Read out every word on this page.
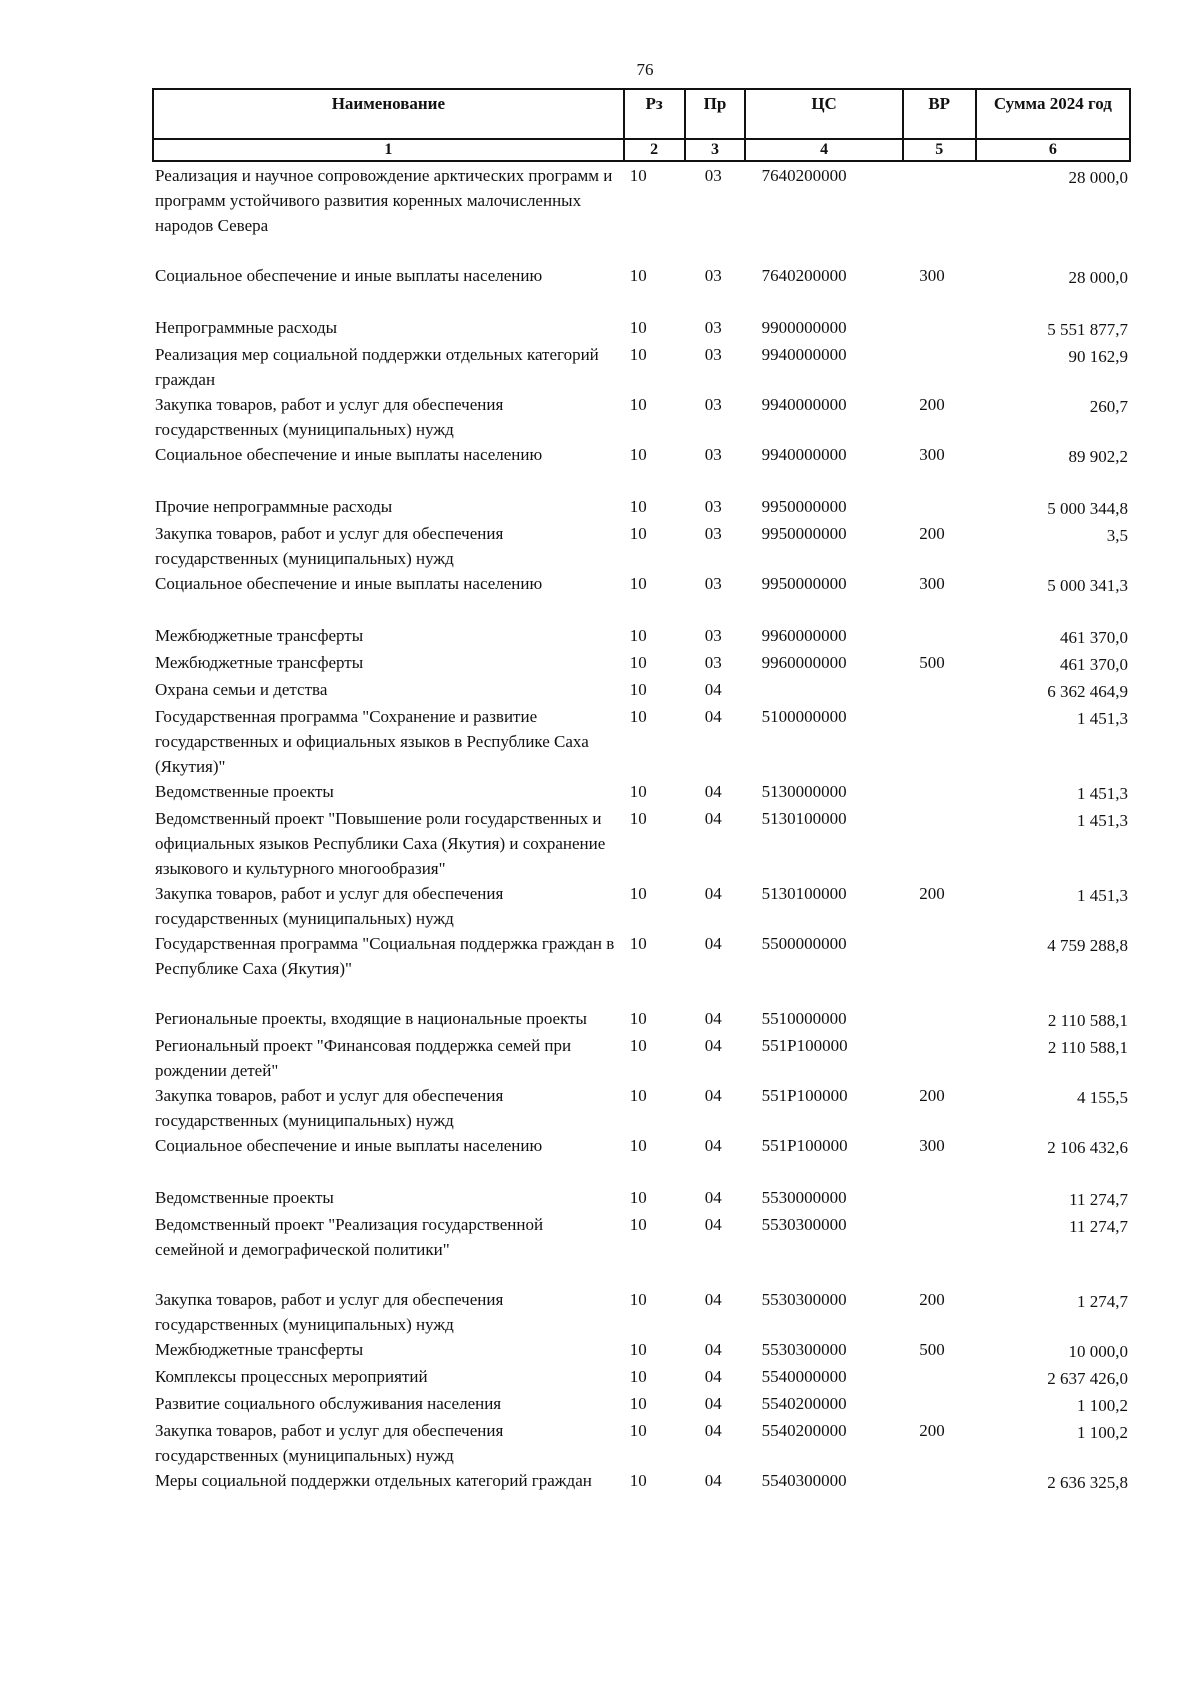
76
Наименование	Рз	Пр	ЦС	ВР	Сумма 2024 год
1	2	3	4	5	6
Реализация и научное сопровождение арктических программ и программ устойчивого развития коренных малочисленных народов Севера	10	03	7640200000		28 000,0
Социальное обеспечение и иные выплаты населению	10	03	7640200000	300	28 000,0
Непрограммные расходы	10	03	9900000000		5 551 877,7
Реализация мер социальной поддержки отдельных категорий граждан	10	03	9940000000		90 162,9
Закупка товаров, работ и услуг для обеспечения государственных (муниципальных) нужд	10	03	9940000000	200	260,7
Социальное обеспечение и иные выплаты населению	10	03	9940000000	300	89 902,2
Прочие непрограммные расходы	10	03	9950000000		5 000 344,8
Закупка товаров, работ и услуг для обеспечения государственных (муниципальных) нужд	10	03	9950000000	200	3,5
Социальное обеспечение и иные выплаты населению	10	03	9950000000	300	5 000 341,3
Межбюджетные трансферты	10	03	9960000000		461 370,0
Межбюджетные трансферты	10	03	9960000000	500	461 370,0
Охрана семьи и детства	10	04			6 362 464,9
Государственная программа "Сохранение и развитие государственных и официальных языков в Республике Саха (Якутия)"	10	04	5100000000		1 451,3
Ведомственные проекты	10	04	5130000000		1 451,3
Ведомственный проект "Повышение роли государственных и официальных языков Республики Саха (Якутия) и сохранение языкового и культурного многообразия"	10	04	5130100000		1 451,3
Закупка товаров, работ и услуг для обеспечения государственных (муниципальных) нужд	10	04	5130100000	200	1 451,3
Государственная программа "Социальная поддержка граждан в Республике Саха (Якутия)"	10	04	5500000000		4 759 288,8
Региональные проекты, входящие в национальные проекты	10	04	5510000000		2 110 588,1
Региональный проект "Финансовая поддержка семей при рождении детей"	10	04	551P100000		2 110 588,1
Закупка товаров, работ и услуг для обеспечения государственных (муниципальных) нужд	10	04	551P100000	200	4 155,5
Социальное обеспечение и иные выплаты населению	10	04	551P100000	300	2 106 432,6
Ведомственные проекты	10	04	5530000000		11 274,7
Ведомственный проект "Реализация государственной семейной и демографической политики"	10	04	5530300000		11 274,7
Закупка товаров, работ и услуг для обеспечения государственных (муниципальных) нужд	10	04	5530300000	200	1 274,7
Межбюджетные трансферты	10	04	5530300000	500	10 000,0
Комплексы процессных мероприятий	10	04	5540000000		2 637 426,0
Развитие социального обслуживания населения	10	04	5540200000		1 100,2
Закупка товаров, работ и услуг для обеспечения государственных (муниципальных) нужд	10	04	5540200000	200	1 100,2
Меры социальной поддержки отдельных категорий граждан	10	04	5540300000		2 636 325,8
